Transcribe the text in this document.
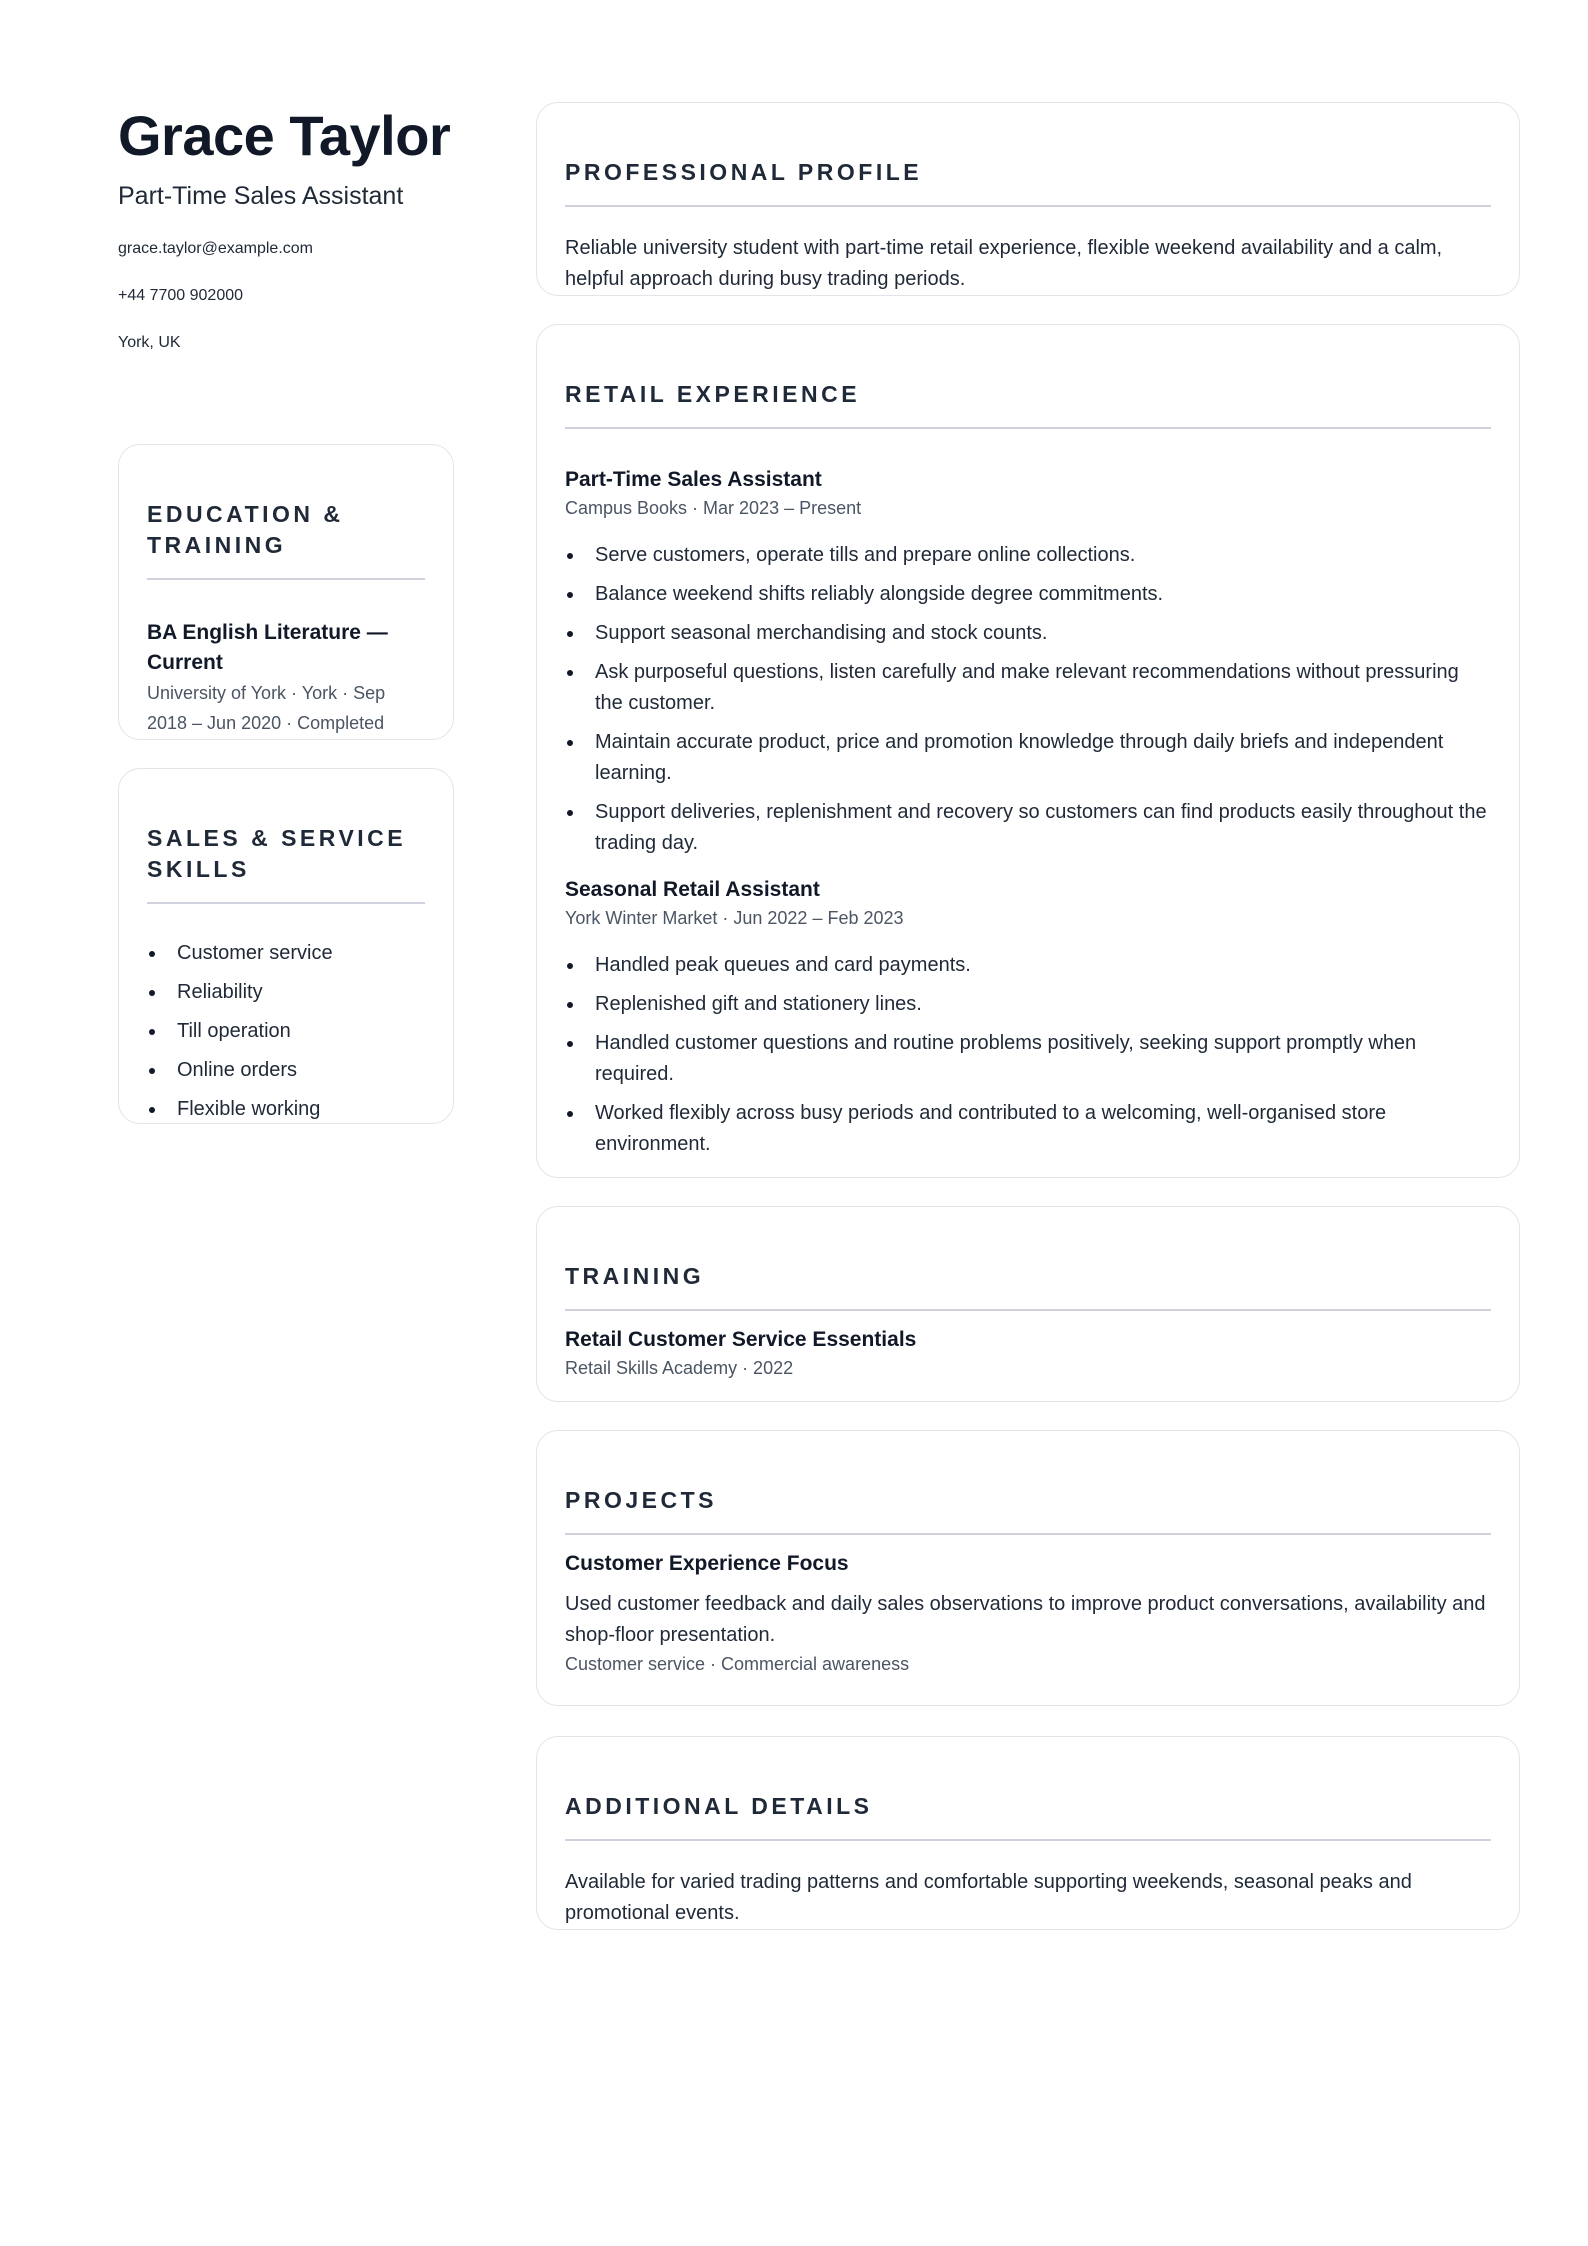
Grace Taylor
Part-Time Sales Assistant
grace.taylor@example.com
+44 7700 902000
York, UK
EDUCATION & TRAINING
BA English Literature — Current
University of York · York · Sep 2018 – Jun 2020 · Completed
SALES & SERVICE SKILLS
Customer service
Reliability
Till operation
Online orders
Flexible working
PROFESSIONAL PROFILE
Reliable university student with part-time retail experience, flexible weekend availability and a calm, helpful approach during busy trading periods.
RETAIL EXPERIENCE
Part-Time Sales Assistant
Campus Books · Mar 2023 – Present
Serve customers, operate tills and prepare online collections.
Balance weekend shifts reliably alongside degree commitments.
Support seasonal merchandising and stock counts.
Ask purposeful questions, listen carefully and make relevant recommendations without pressuring the customer.
Maintain accurate product, price and promotion knowledge through daily briefs and independent learning.
Support deliveries, replenishment and recovery so customers can find products easily throughout the trading day.
Seasonal Retail Assistant
York Winter Market · Jun 2022 – Feb 2023
Handled peak queues and card payments.
Replenished gift and stationery lines.
Handled customer questions and routine problems positively, seeking support promptly when required.
Worked flexibly across busy periods and contributed to a welcoming, well-organised store environment.
TRAINING
Retail Customer Service Essentials
Retail Skills Academy · 2022
PROJECTS
Customer Experience Focus
Used customer feedback and daily sales observations to improve product conversations, availability and shop-floor presentation.
Customer service · Commercial awareness
ADDITIONAL DETAILS
Available for varied trading patterns and comfortable supporting weekends, seasonal peaks and promotional events.
